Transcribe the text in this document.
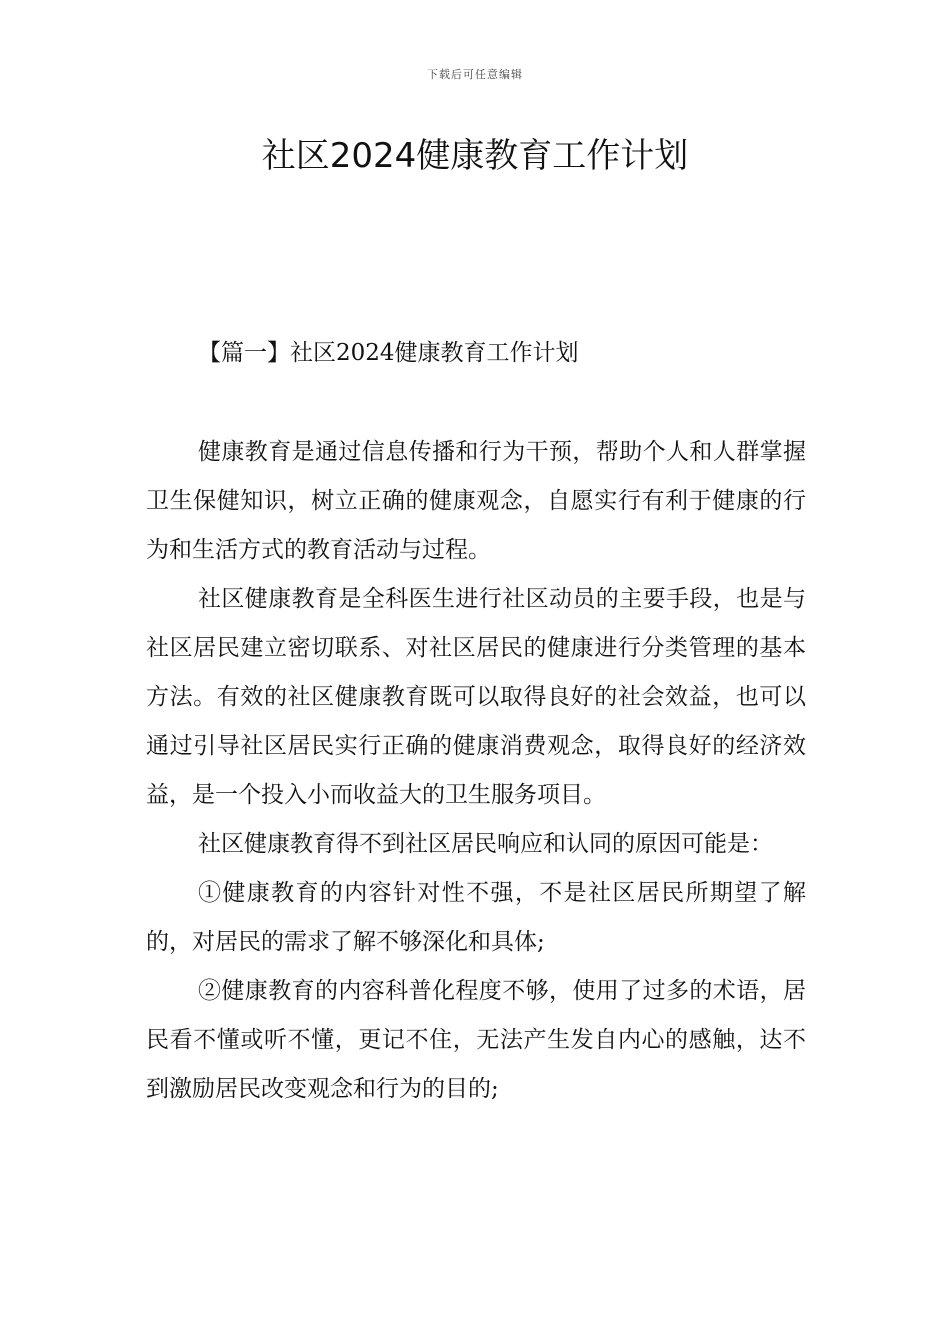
下载后可任意编辑
社区2024健康教育工作计划
【篇一】社区2024健康教育工作计划

健康教育是通过信息传播和行为干预，帮助个人和人群掌握卫生保健知识，树立正确的健康观念，自愿实行有利于健康的行为和生活方式的教育活动与过程。

社区健康教育是全科医生进行社区动员的主要手段，也是与社区居民建立密切联系、对社区居民的健康进行分类管理的基本方法。有效的社区健康教育既可以取得良好的社会效益，也可以通过引导社区居民实行正确的健康消费观念，取得良好的经济效益，是一个投入小而收益大的卫生服务项目。

社区健康教育得不到社区居民响应和认同的原因可能是：

①健康教育的内容针对性不强，不是社区居民所期望了解的，对居民的需求了解不够深化和具体;

②健康教育的内容科普化程度不够，使用了过多的术语，居民看不懂或听不懂，更记不住，无法产生发自内心的感触，达不到激励居民改变观念和行为的目的;
